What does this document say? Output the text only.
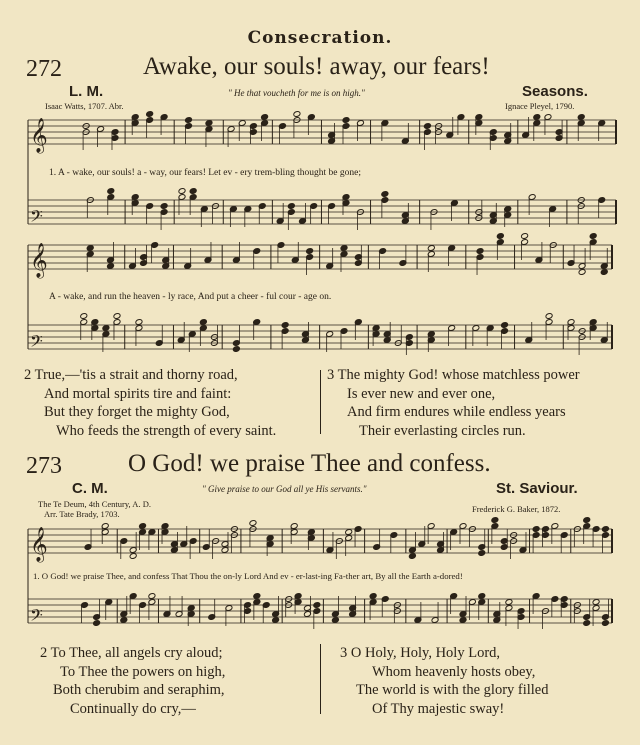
Consecration.
272	Awake, our souls! away, our fears!
L. M.	Seasons.
Isaac Watts, 1707. Abr.
" He that voucheth for me is on high."
Ignace Pleyel, 1790.
𝄞
𝄢
𝄞
𝄢
1. A - wake, our souls! a - way, our fears! Let ev - ery trem-bling thought be gone;
A - wake, and run the heaven - ly race, And put a cheer - ful cour - age on.
2 True,—'tis a strait and thorny road,
And mortal spirits tire and faint:
But they forget the mighty God,
Who feeds the strength of every saint.
3 The mighty God! whose matchless power
Is ever new and ever one,
And firm endures while endless years
Their everlasting circles run.
273	O God! we praise Thee and confess.
C. M.	St. Saviour.
" Give praise to our God all ye His servants."
The Te Deum, 4th Century, A. D.
Arr. Tate Brady, 1703.	Frederick G. Baker, 1872.
𝄞
𝄢
1. O God! we praise Thee, and confess That Thou the on-ly Lord And ev - er-last-ing Fa-ther art, By all the Earth a-dored!
2 To Thee, all angels cry aloud;
To Thee the powers on high,
Both cherubim and seraphim,
Continually do cry,—
3 O Holy, Holy, Holy Lord,
Whom heavenly hosts obey,
The world is with the glory filled
Of Thy majestic sway!
